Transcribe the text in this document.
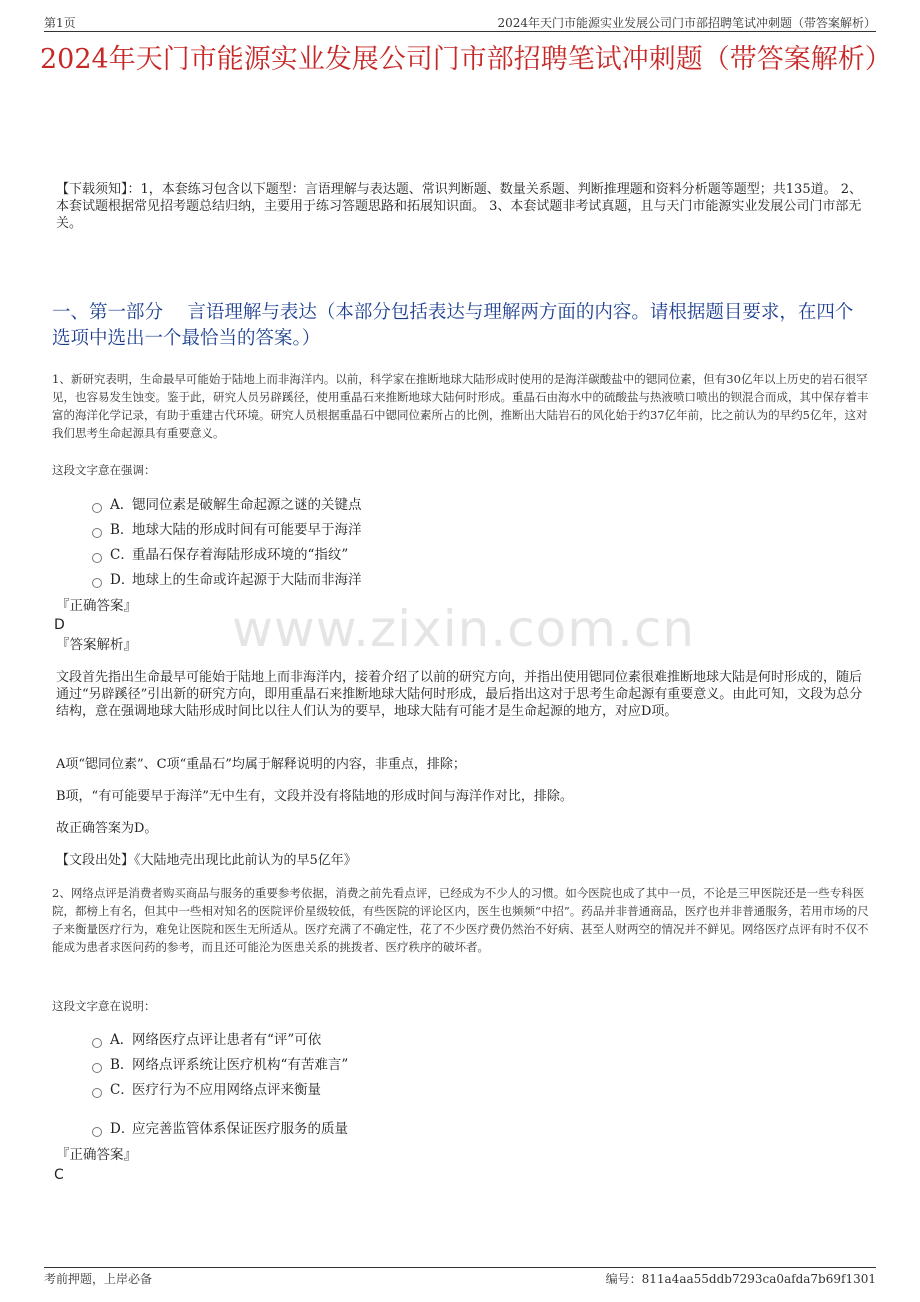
第1页	2024年天门市能源实业发展公司门市部招聘笔试冲刺题（带答案解析）
2024年天门市能源实业发展公司门市部招聘笔试冲刺题（带答案解析）
【下载须知】：1，本套练习包含以下题型：言语理解与表达题、常识判断题、数量关系题、判断推理题和资料分析题等题型；共135道。 2、本套试题根据常见招考题总结归纳，主要用于练习答题思路和拓展知识面。 3、本套试题非考试真题，且与天门市能源实业发展公司门市部无关。
一、第一部分　 言语理解与表达（本部分包括表达与理解两方面的内容。请根据题目要求，在四个选项中选出一个最恰当的答案。）
1、新研究表明，生命最早可能始于陆地上而非海洋内。以前，科学家在推断地球大陆形成时使用的是海洋碳酸盐中的锶同位素，但有30亿年以上历史的岩石很罕见，也容易发生蚀变。鉴于此，研究人员另辟蹊径，使用重晶石来推断地球大陆何时形成。重晶石由海水中的硫酸盐与热液喷口喷出的钡混合而成，其中保存着丰富的海洋化学记录，有助于重建古代环境。研究人员根据重晶石中锶同位素所占的比例，推断出大陆岩石的风化始于约37亿年前，比之前认为的早约5亿年，这对我们思考生命起源具有重要意义。
这段文字意在强调：
A．锶同位素是破解生命起源之谜的关键点
B．地球大陆的形成时间有可能要早于海洋
C．重晶石保存着海陆形成环境的“指纹”
D．地球上的生命或许起源于大陆而非海洋
『正确答案』
D
『答案解析』 www.zixin.com.cn
文段首先指出生命最早可能始于陆地上而非海洋内，接着介绍了以前的研究方向，并指出使用锶同位素很难推断地球大陆是何时形成的，随后通过“另辟蹊径”引出新的研究方向，即用重晶石来推断地球大陆何时形成，最后指出这对于思考生命起源有重要意义。由此可知，文段为总分结构，意在强调地球大陆形成时间比以往人们认为的要早，地球大陆有可能才是生命起源的地方，对应D项。
A项“锶同位素”、C项“重晶石”均属于解释说明的内容，非重点，排除；
B项，“有可能要早于海洋”无中生有，文段并没有将陆地的形成时间与海洋作对比，排除。
故正确答案为D。
【文段出处】《大陆地壳出现比此前认为的早5亿年》
2、网络点评是消费者购买商品与服务的重要参考依据，消费之前先看点评，已经成为不少人的习惯。如今医院也成了其中一员，不论是三甲医院还是一些专科医院，都榜上有名，但其中一些相对知名的医院评价星级较低，有些医院的评论区内，医生也频频“中招”。药品并非普通商品，医疗也并非普通服务，若用市场的尺子来衡量医疗行为，难免让医院和医生无所适从。医疗充满了不确定性，花了不少医疗费仍然治不好病、甚至人财两空的情况并不鲜见。网络医疗点评有时不仅不能成为患者求医问药的参考，而且还可能沦为医患关系的挑拨者、医疗秩序的破坏者。
这段文字意在说明：
A．网络医疗点评让患者有“评”可依
B．网络点评系统让医疗机构“有苦难言”
C．医疗行为不应用网络点评来衡量
D．应完善监管体系保证医疗服务的质量
『正确答案』
C
考前押题，上岸必备	编号：811a4aa55ddb7293ca0afda7b69f1301
